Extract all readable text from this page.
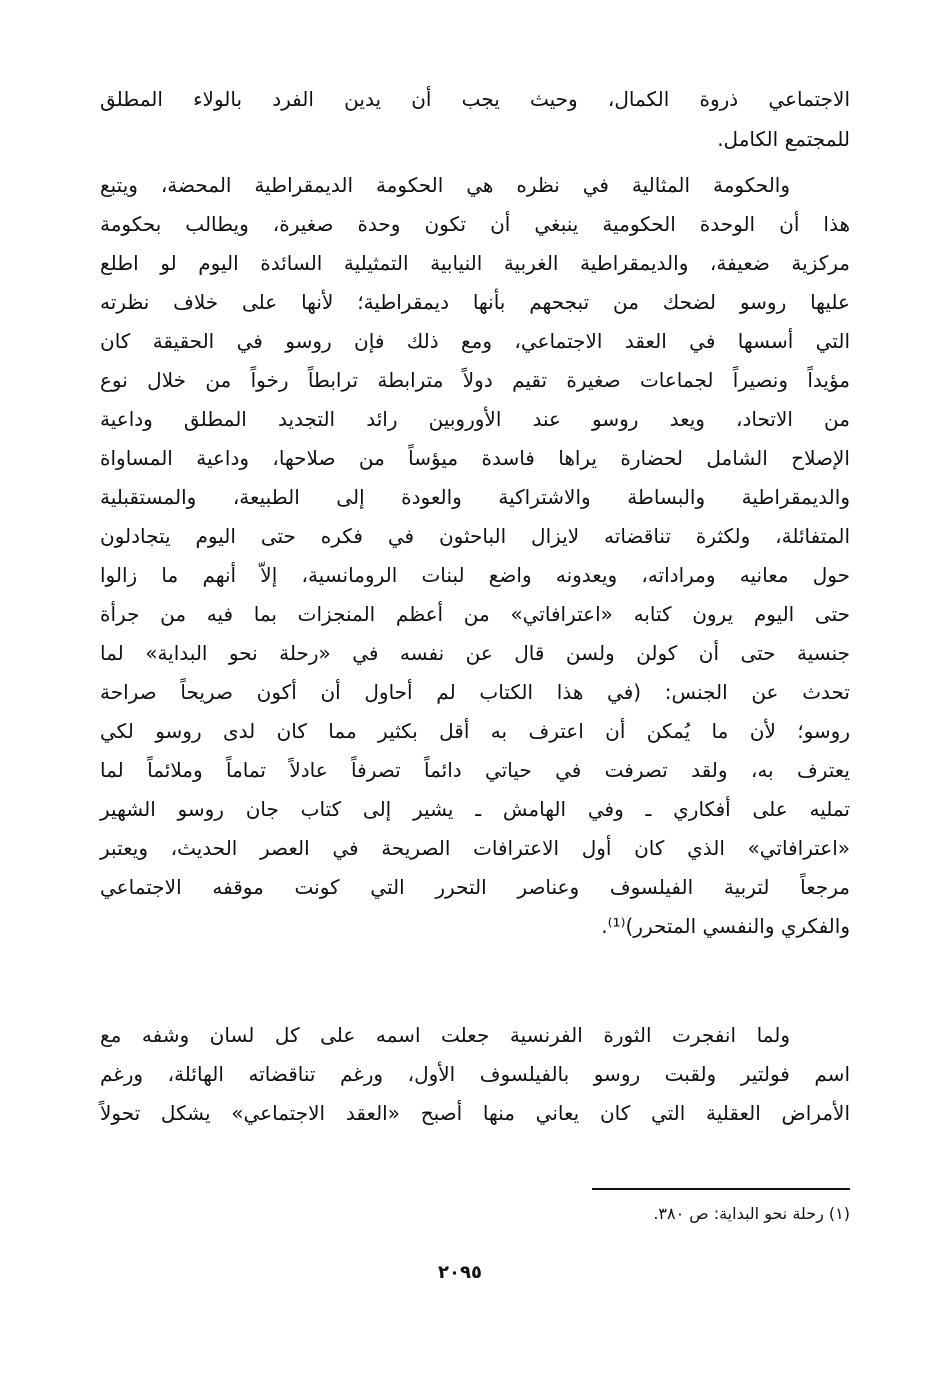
الاجتماعي ذروة الكمال، وحيث يجب أن يدين الفرد بالولاء المطلق
للمجتمع الكامل.
والحكومة المثالية في نظره هي الحكومة الديمقراطية المحضة، ويتبع
هذا أن الوحدة الحكومية ينبغي أن تكون وحدة صغيرة، ويطالب بحكومة
مركزية ضعيفة، والديمقراطية الغربية النيابية التمثيلية السائدة اليوم لو اطلع
عليها روسو لضحك من تبجحهم بأنها ديمقراطية؛ لأنها على خلاف نظرته
التي أسسها في العقد الاجتماعي، ومع ذلك فإن روسو في الحقيقة كان
مؤيداً ونصيراً لجماعات صغيرة تقيم دولاً مترابطة ترابطاً رخواً من خلال نوع
من الاتحاد، ويعد روسو عند الأوروبين رائد التجديد المطلق وداعية
الإصلاح الشامل لحضارة يراها فاسدة ميؤساً من صلاحها، وداعية المساواة
والديمقراطية والبساطة والاشتراكية والعودة إلى الطبيعة، والمستقبلية
المتفائلة، ولكثرة تناقضاته لايزال الباحثون في فكره حتى اليوم يتجادلون
حول معانيه ومراداته، ويعدونه واضع لبنات الرومانسية، إلاّ أنهم ما زالوا
حتى اليوم يرون كتابه «اعترافاتي» من أعظم المنجزات بما فيه من جرأة
جنسية حتى أن كولن ولسن قال عن نفسه في «رحلة نحو البداية» لما
تحدث عن الجنس: (في هذا الكتاب لم أحاول أن أكون صريحاً صراحة
روسو؛ لأن ما يُمكن أن اعترف به أقل بكثير مما كان لدى روسو لكي
يعترف به، ولقد تصرفت في حياتي دائماً تصرفاً عادلاً تماماً وملائماً لما
تمليه على أفكاري ـ وفي الهامش ـ يشير إلى كتاب جان روسو الشهير
«اعترافاتي» الذي كان أول الاعترافات الصريحة في العصر الحديث، ويعتبر
مرجعاً لتربية الفيلسوف وعناصر التحرر التي كونت موقفه الاجتماعي
والفكري والنفسي المتحرر)⁽¹⁾.
ولما انفجرت الثورة الفرنسية جعلت اسمه على كل لسان وشفه مع
اسم فولتير ولقبت روسو بالفيلسوف الأول، ورغم تناقضاته الهائلة، ورغم
الأمراض العقلية التي كان يعاني منها أصبح «العقد الاجتماعي» يشكل تحولاً
(١) رحلة نحو البداية: ص ٣٨٠.
٢٠٩٥
